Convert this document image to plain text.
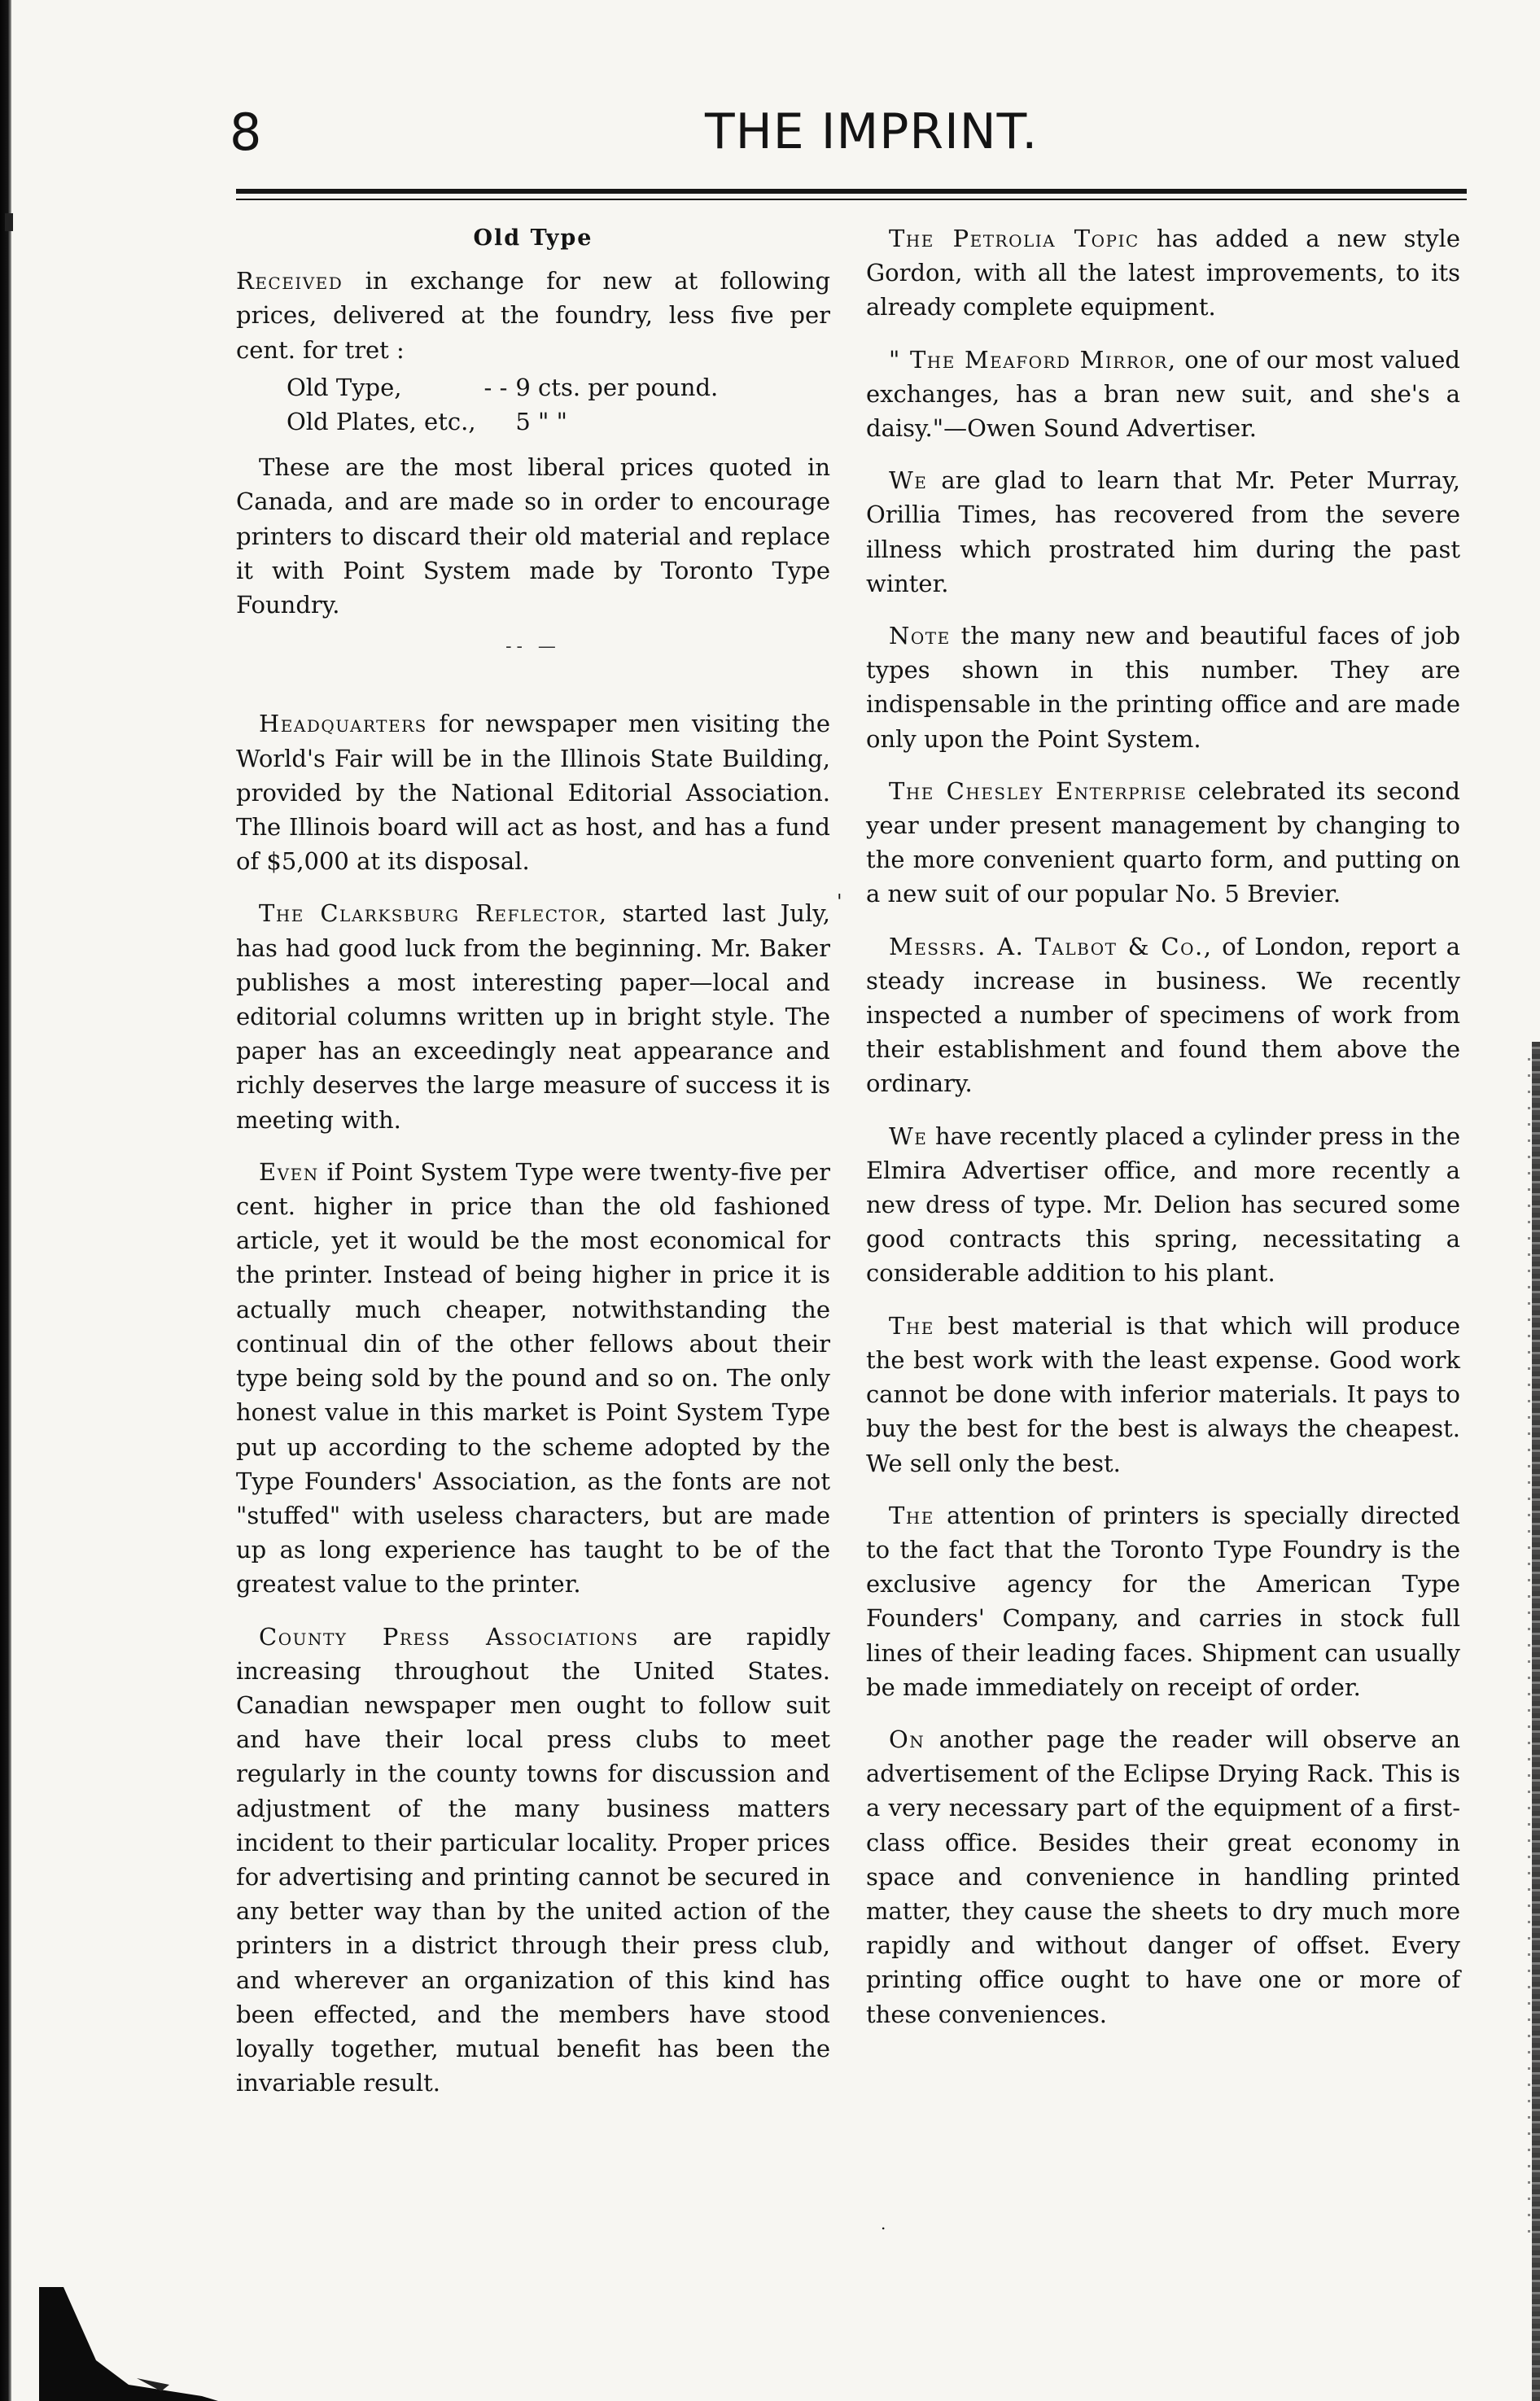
8	THE IMPRINT.
Old Type

Received in exchange for new at following prices, delivered at the foundry, less five per cent. for tret :

Old Type,	- -	9 cts. per pound.
Old Plates, etc.,		5 " "

These are the most liberal prices quoted in Canada, and are made so in order to encourage printers to discard their old material and replace it with Point System made by Toronto Type Foundry.

-- —

Headquarters for newspaper men visiting the World's Fair will be in the Illinois State Building, provided by the National Editorial Association. The Illinois board will act as host, and has a fund of $5,000 at its disposal.

The Clarksburg Reflector, started last July, has had good luck from the beginning. Mr. Baker publishes a most interesting paper—local and editorial columns written up in bright style. The paper has an exceedingly neat appearance and richly deserves the large measure of success it is meeting with.

Even if Point System Type were twenty-five per cent. higher in price than the old fashioned article, yet it would be the most economical for the printer. Instead of being higher in price it is actually much cheaper, notwithstanding the continual din of the other fellows about their type being sold by the pound and so on. The only honest value in this market is Point System Type put up according to the scheme adopted by the Type Founders' Association, as the fonts are not "stuffed" with useless characters, but are made up as long experience has taught to be of the greatest value to the printer.

County Press Associations are rapidly increasing throughout the United States. Canadian newspaper men ought to follow suit and have their local press clubs to meet regularly in the county towns for discussion and adjustment of the many business matters incident to their particular locality. Proper prices for advertising and printing cannot be secured in any better way than by the united action of the printers in a district through their press club, and wherever an organization of this kind has been effected, and the members have stood loyally together, mutual benefit has been the invariable result.

The Petrolia Topic has added a new style Gordon, with all the latest improvements, to its already complete equipment.

" The Meaford Mirror, one of our most valued exchanges, has a bran new suit, and she's a daisy."—Owen Sound Advertiser.

We are glad to learn that Mr. Peter Murray, Orillia Times, has recovered from the severe illness which prostrated him during the past winter.

Note the many new and beautiful faces of job types shown in this number. They are indispensable in the printing office and are made only upon the Point System.

The Chesley Enterprise celebrated its second year under present management by changing to the more convenient quarto form, and putting on a new suit of our popular No. 5 Brevier.

Messrs. A. Talbot & Co., of London, report a steady increase in business. We recently inspected a number of specimens of work from their establishment and found them above the ordinary.

We have recently placed a cylinder press in the Elmira Advertiser office, and more recently a new dress of type. Mr. Delion has secured some good contracts this spring, necessitating a considerable addition to his plant.

The best material is that which will produce the best work with the least expense. Good work cannot be done with inferior materials. It pays to buy the best for the best is always the cheapest. We sell only the best.

The attention of printers is specially directed to the fact that the Toronto Type Foundry is the exclusive agency for the American Type Founders' Company, and carries in stock full lines of their leading faces. Shipment can usually be made immediately on receipt of order.

On another page the reader will observe an advertisement of the Eclipse Drying Rack. This is a very necessary part of the equipment of a first-class office. Besides their great economy in space and convenience in handling printed matter, they cause the sheets to dry much more rapidly and without danger of offset. Every printing office ought to have one or more of these conveniences.

'
.
